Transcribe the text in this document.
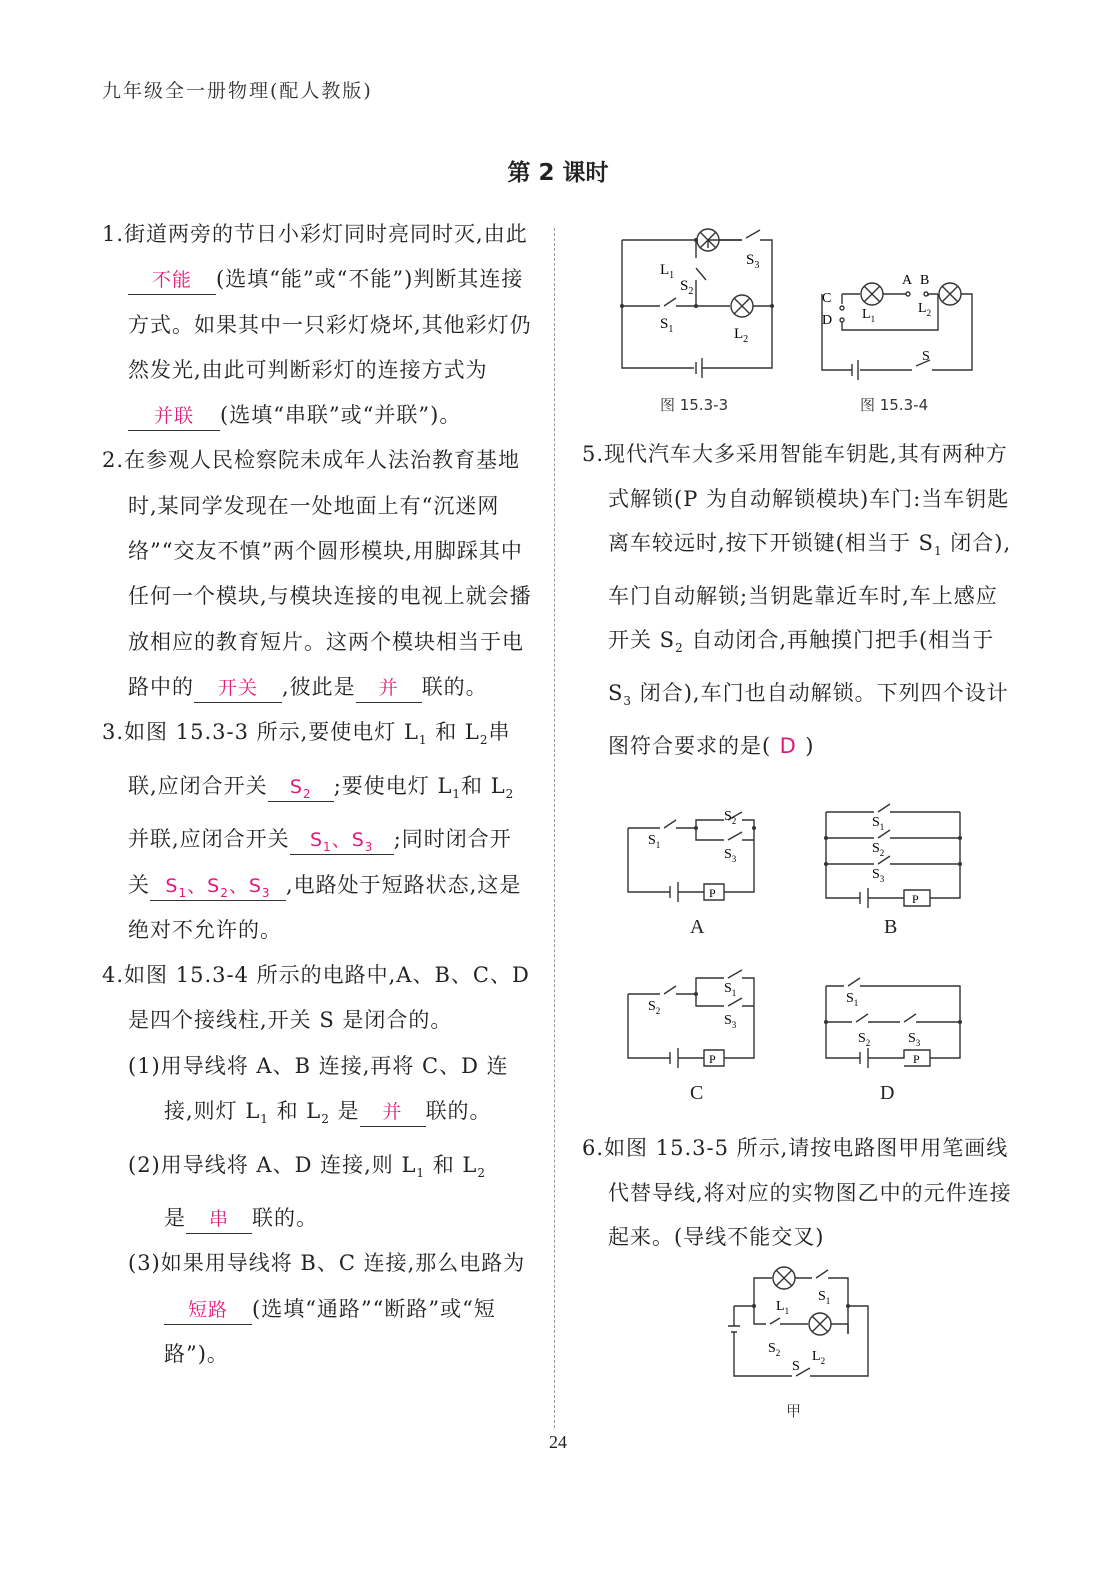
九年级全一册物理(配人教版)
第 2 课时

1.街道两旁的节日小彩灯同时亮同时灭,由此不能 (选填“能”或“不能”)判断其连接方式。如果其中一只彩灯烧坏,其他彩灯仍然发光,由此可判断彩灯的连接方式为并联 (选填“串联”或“并联”)。

2.在参观人民检察院未成年人法治教育基地时,某同学发现在一处地面上有“沉迷网络”“交友不慎”两个圆形模块,用脚踩其中任何一个模块,与模块连接的电视上就会播放相应的教育短片。这两个模块相当于电路中的 开关 ,彼此是 并 联的。

3.如图 15.3-3 所示,要使电灯 $L_1$ 和 $L_2$串联,应闭合开关 $S_2$ ;要使电灯 $L_1$和 $L_2$ 并联,应闭合开关 $S_1$、$S_3$ ;同时闭合开关 $S_1$、$S_2$、$S_3$ ,电路处于短路状态,这是绝对不允许的。

4.如图 15.3-4 所示的电路中,A、B、C、D是四个接线柱,开关 S 是闭合的。

(1)用导线将 A、B 连接,再将 C、D 连接,则灯 $L_1$ 和 $L_2$ 是 并 联的。

(2)用导线将 A、D 连接,则 $L_1$ 和 $L_2$
是 串 联的。

(3)如果用导线将 B、C 连接,那么电路为短路 (选填“通路”“断路”或“短路”)。

$L_1$
$S_3$
$S_2$
$S_1$	$L_2$
图 15.3-3
A B
C
D $L_1$
$L_2$
S
图 15.3-4

5.现代汽车大多采用智能车钥匙,其有两种方式解锁(P 为自动解锁模块)车门:当车钥匙离车较远时,按下开锁键(相当于 $S_1$ 闭合),车门自动解锁;当钥匙靠近车时,车上感应开关 $S_2$ 自动闭合,再触摸门把手(相当于 $S_3$ 闭合),车门也自动解锁。下列四个设计图符合要求的是( D )

$S_1$
$S_2$
$S_3$
P
A
$S_1$
$S_2$
$S_3$
P
B
$S_2$
$S_1$
$S_3$
P
C
$S_1$
$S_2$	$S_3$
P
D

6.如图 15.3-5 所示,请按电路图甲用笔画线代替导线,将对应的实物图乙中的元件连接起来。(导线不能交叉)

$L_1$
$S_1$
$S_2$ $L_2$
S
甲
24
